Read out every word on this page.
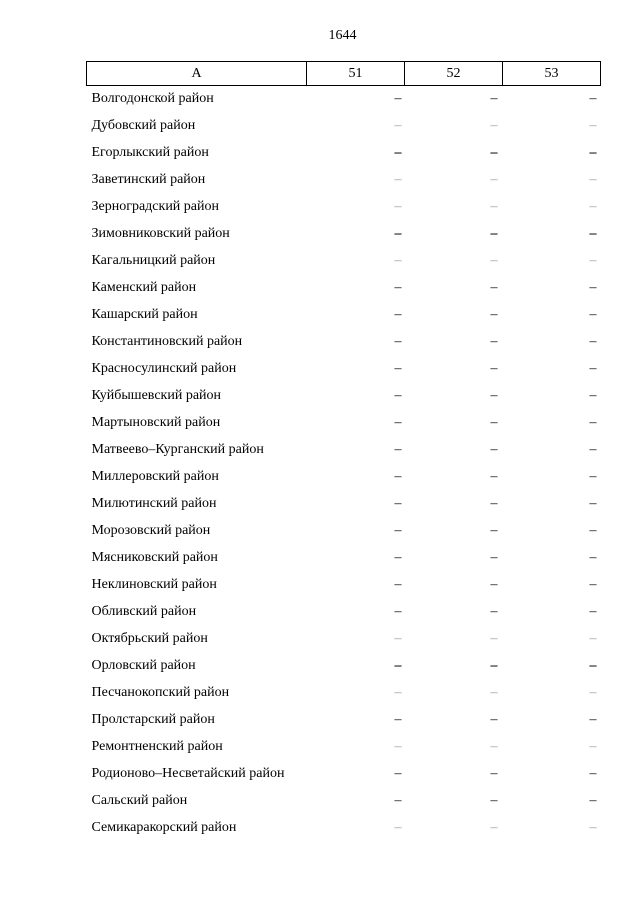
1644
А	51	52	53
Волгодонской район	–	–	–
Дубовский район	–	–	–
Егорлыкский район	–	–	–
Заветинский район	–	–	–
Зерноградский район	–	–	–
Зимовниковский район	–	–	–
Кагальницкий район	–	–	–
Каменский район	–	–	–
Кашарский район	–	–	–
Константиновский район	–	–	–
Красносулинский район	–	–	–
Куйбышевский район	–	–	–
Мартыновский район	–	–	–
Матвеево–Курганский район	–	–	–
Миллеровский район	–	–	–
Милютинский район	–	–	–
Морозовский район	–	–	–
Мясниковский район	–	–	–
Неклиновский район	–	–	–
Обливский район	–	–	–
Октябрьский район	–	–	–
Орловский район	–	–	–
Песчанокопский район	–	–	–
Пролстарский район	–	–	–
Ремонтненский район	–	–	–
Родионово–Несветайский район	–	–	–
Сальский район	–	–	–
Семикаракорский район	–	–	–
